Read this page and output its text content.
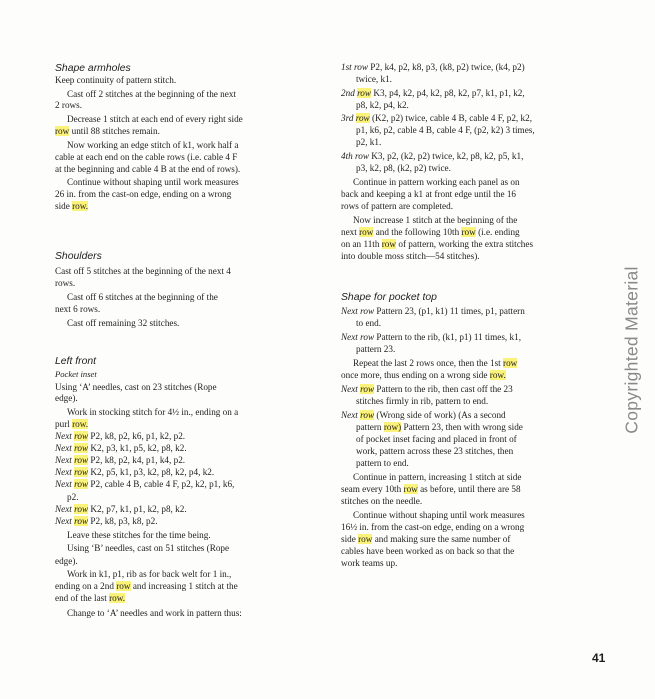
Shape armholes
Keep continuity of pattern stitch.
Cast off 2 stitches at the beginning of the next
2 rows.
Decrease 1 stitch at each end of every right side
row until 88 stitches remain.
Now working an edge stitch of k1, work half a
cable at each end on the cable rows (i.e. cable 4 F
at the beginning and cable 4 B at the end of rows).
Continue without shaping until work measures
26 in. from the cast-on edge, ending on a wrong
side row.
Shoulders
Cast off 5 stitches at the beginning of the next 4
rows.
Cast off 6 stitches at the beginning of the
next 6 rows.
Cast off remaining 32 stitches.
Left front
Pocket inset
Using ‘A’ needles, cast on 23 stitches (Rope
edge).
Work in stocking stitch for 4½ in., ending on a
purl row.
Next row P2, k8, p2, k6, p1, k2, p2.
Next row K2, p3, k1, p5, k2, p8, k2.
Next row P2, k8, p2, k4, p1, k4, p2.
Next row K2, p5, k1, p3, k2, p8, k2, p4, k2.
Next row P2, cable 4 B, cable 4 F, p2, k2, p1, k6,
p2.
Next row K2, p7, k1, p1, k2, p8, k2.
Next row P2, k8, p3, k8, p2.
Leave these stitches for the time being.
Using ‘B’ needles, cast on 51 stitches (Rope
edge).
Work in k1, p1, rib as for back welt for 1 in.,
ending on a 2nd row and increasing 1 stitch at the
end of the last row.
Change to ‘A’ needles and work in pattern thus:
1st row P2, k4, p2, k8, p3, (k8, p2) twice, (k4, p2)
twice, k1.
2nd row K3, p4, k2, p4, k2, p8, k2, p7, k1, p1, k2,
p8, k2, p4, k2.
3rd row (K2, p2) twice, cable 4 B, cable 4 F, p2, k2,
p1, k6, p2, cable 4 B, cable 4 F, (p2, k2) 3 times,
p2, k1.
4th row K3, p2, (k2, p2) twice, k2, p8, k2, p5, k1,
p3, k2, p8, (k2, p2) twice.
Continue in pattern working each panel as on
back and keeping a k1 at front edge until the 16
rows of pattern are completed.
Now increase 1 stitch at the beginning of the
next row and the following 10th row (i.e. ending
on an 11th row of pattern, working the extra stitches
into double moss stitch—54 stitches).
Shape for pocket top
Next row Pattern 23, (p1, k1) 11 times, p1, pattern
to end.
Next row Pattern to the rib, (k1, p1) 11 times, k1,
pattern 23.
Repeat the last 2 rows once, then the 1st row
once more, thus ending on a wrong side row.
Next row Pattern to the rib, then cast off the 23
stitches firmly in rib, pattern to end.
Next row (Wrong side of work) (As a second
pattern row) Pattern 23, then with wrong side
of pocket inset facing and placed in front of
work, pattern across these 23 stitches, then
pattern to end.
Continue in pattern, increasing 1 stitch at side
seam every 10th row as before, until there are 58
stitches on the needle.
Continue without shaping until work measures
16½ in. from the cast-on edge, ending on a wrong
side row and making sure the same number of
cables have been worked as on back so that the
work teams up.
Copyrighted Material
41
